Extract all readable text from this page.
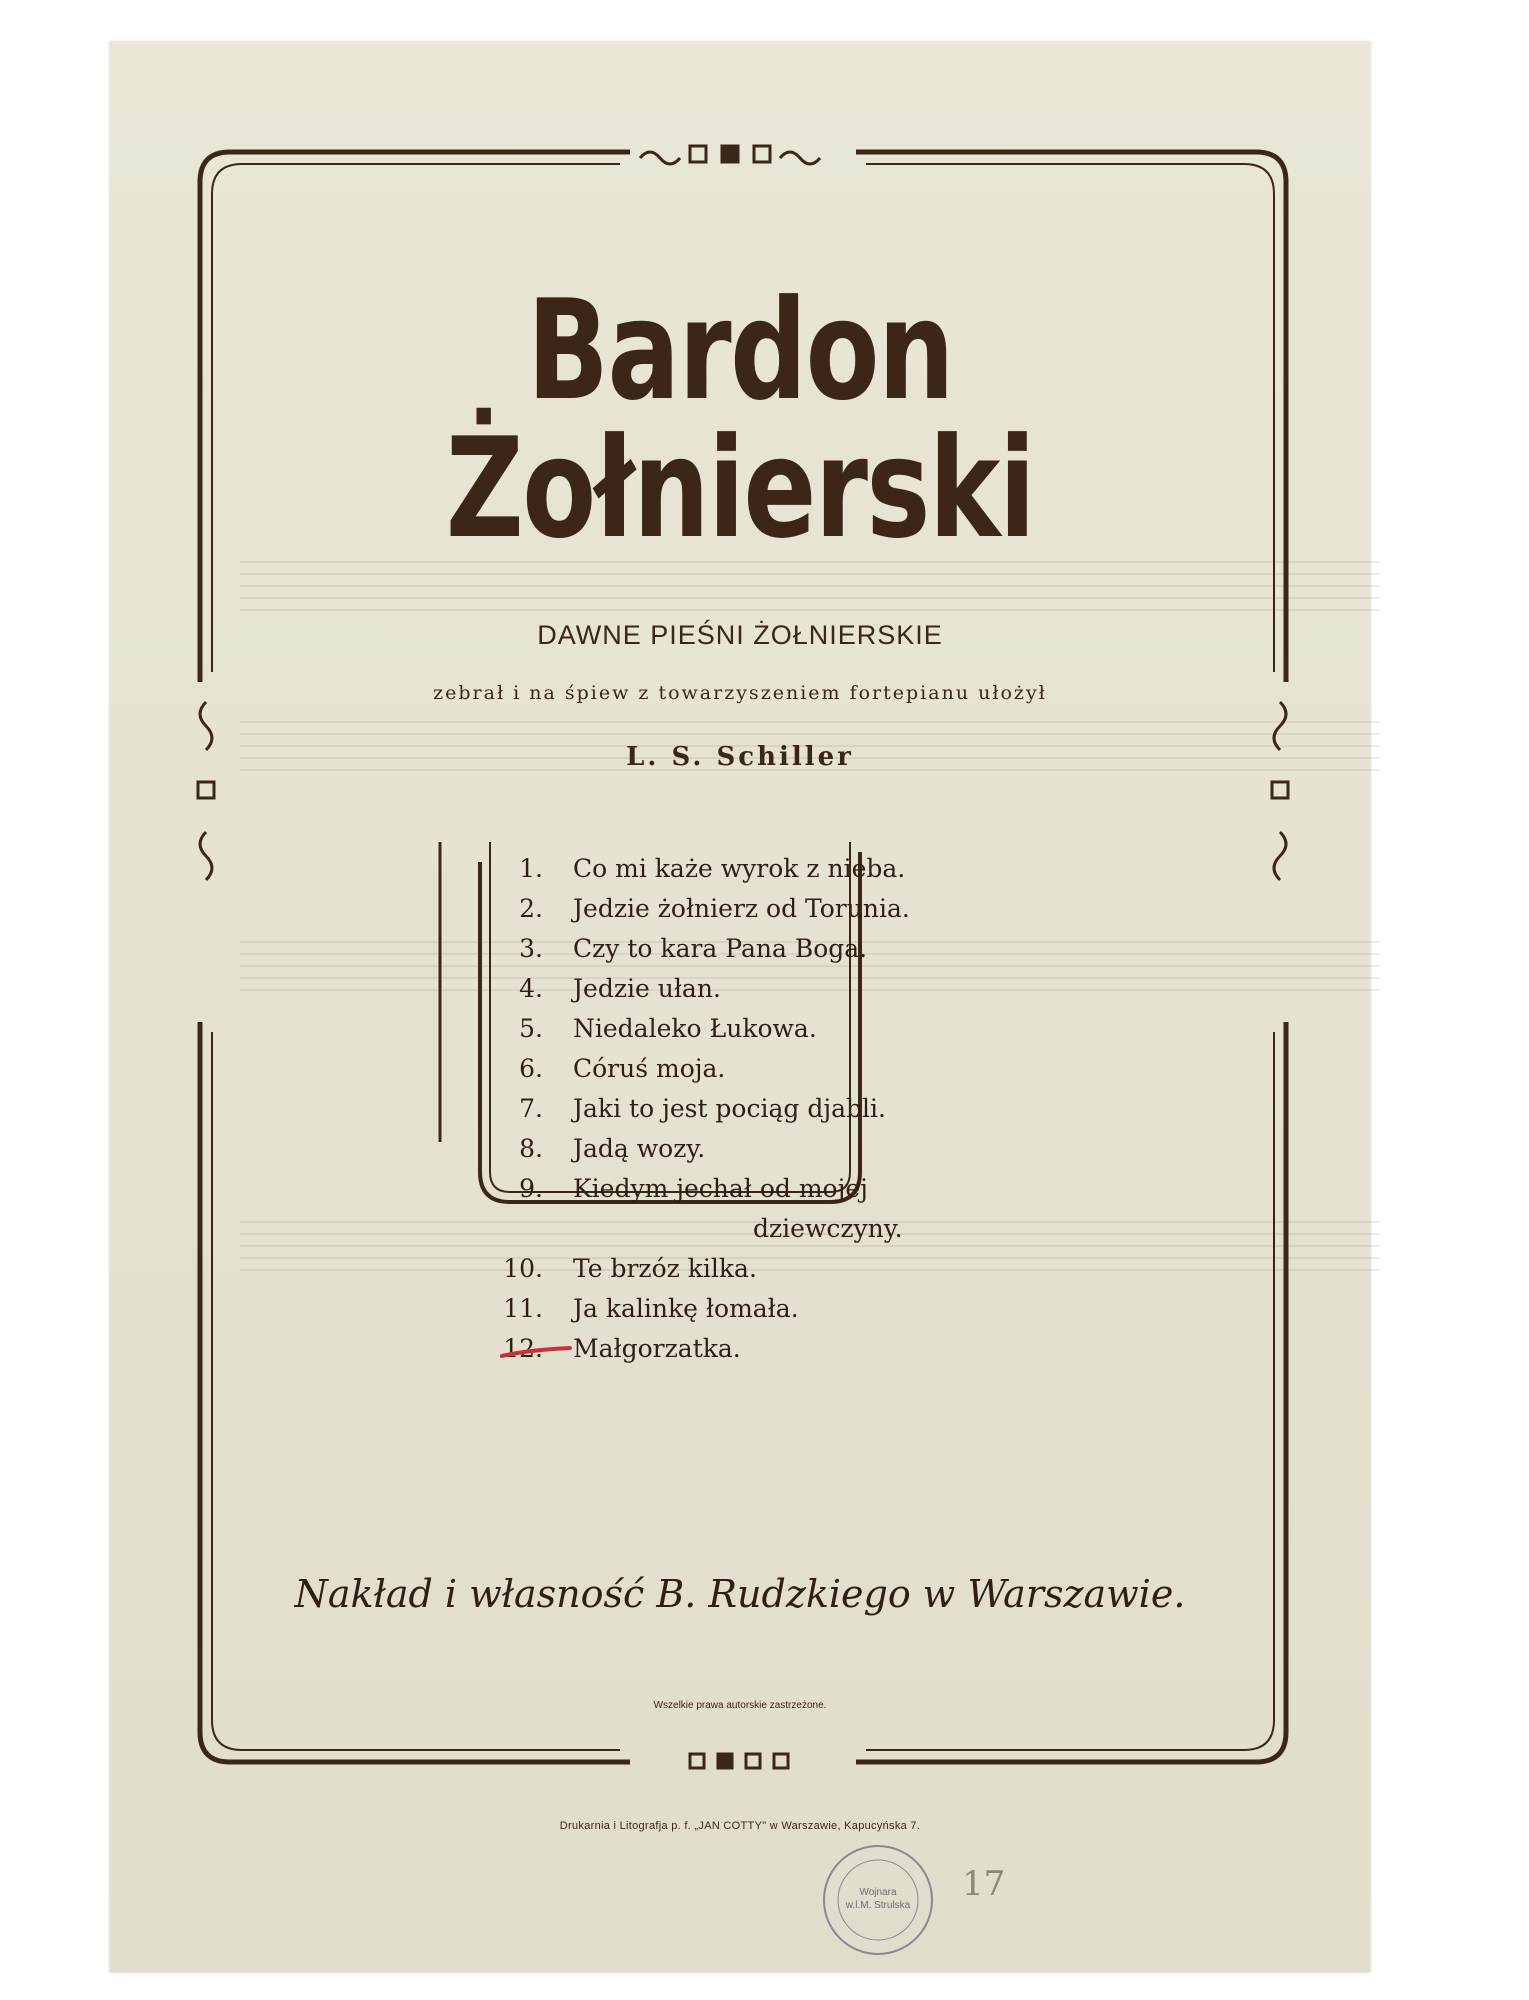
Bardon Żołnierski
DAWNE PIEŚNI ŻOŁNIERSKIE
zebrał i na śpiew z towarzyszeniem fortepianu ułożył
L. S. Schiller
1. Co mi każe wyrok z nieba.
2. Jedzie żołnierz od Torunia.
3. Czy to kara Pana Boga.
4. Jedzie ułan.
5. Niedaleko Łukowa.
6. Córuś moja.
7. Jaki to jest pociąg djabli.
8. Jadą wozy.
9. Kiedym jechał od mojej
dziewczyny.
10. Te brzóz kilka.
11. Ja kalinkę łomała.
12. Małgorzatka.
Nakład i własność B. Rudzkiego w Warszawie.
Wszelkie prawa autorskie zastrzeżone.
Drukarnia i Litografja p. f. „JAN COTTY" w Warszawie, Kapucyńska 7.
Wojnara
w.l.M. Strulska
17
